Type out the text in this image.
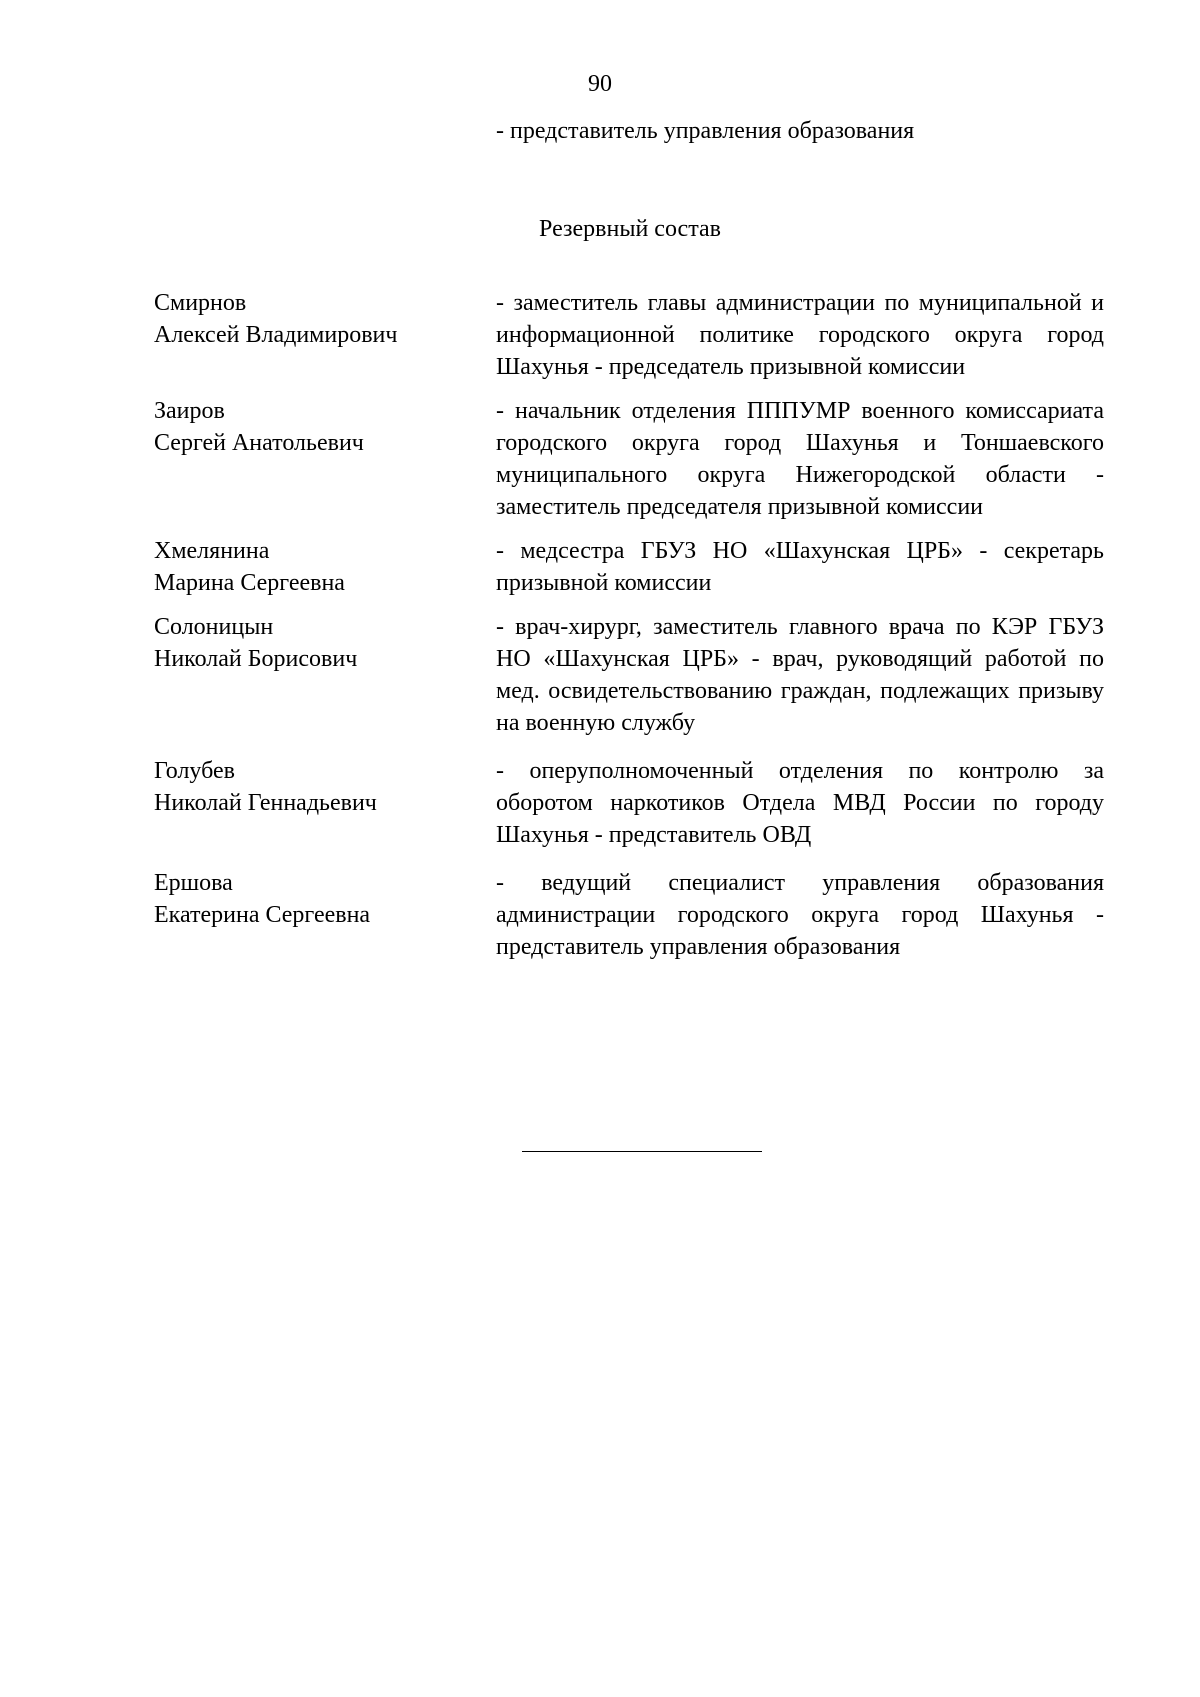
90
- представитель управления образования
Резервный состав
Смирнов
Алексей Владимирович
- заместитель главы администрации по муниципальной и информационной политике городского округа город Шахунья - председатель призывной комиссии
Заиров
Сергей Анатольевич
- начальник отделения ПППУМР военного комиссариата городского округа город Шахунья и Тоншаевского муниципального округа Нижегородской области - заместитель председателя призывной комиссии
Хмелянина
Марина Сергеевна
- медсестра ГБУЗ НО «Шахунская ЦРБ» - секретарь призывной комиссии
Солоницын
Николай Борисович
- врач-хирург, заместитель главного врача по КЭР ГБУЗ НО «Шахунская ЦРБ» - врач, руководящий работой по мед. освидетельствованию граждан, подлежащих призыву на военную службу
Голубев
Николай Геннадьевич
- оперуполномоченный отделения по контролю за оборотом наркотиков Отдела МВД России по городу Шахунья - представитель ОВД
Ершова
Екатерина Сергеевна
- ведущий специалист управления образования администрации городского округа город Шахунья - представитель управления образования
